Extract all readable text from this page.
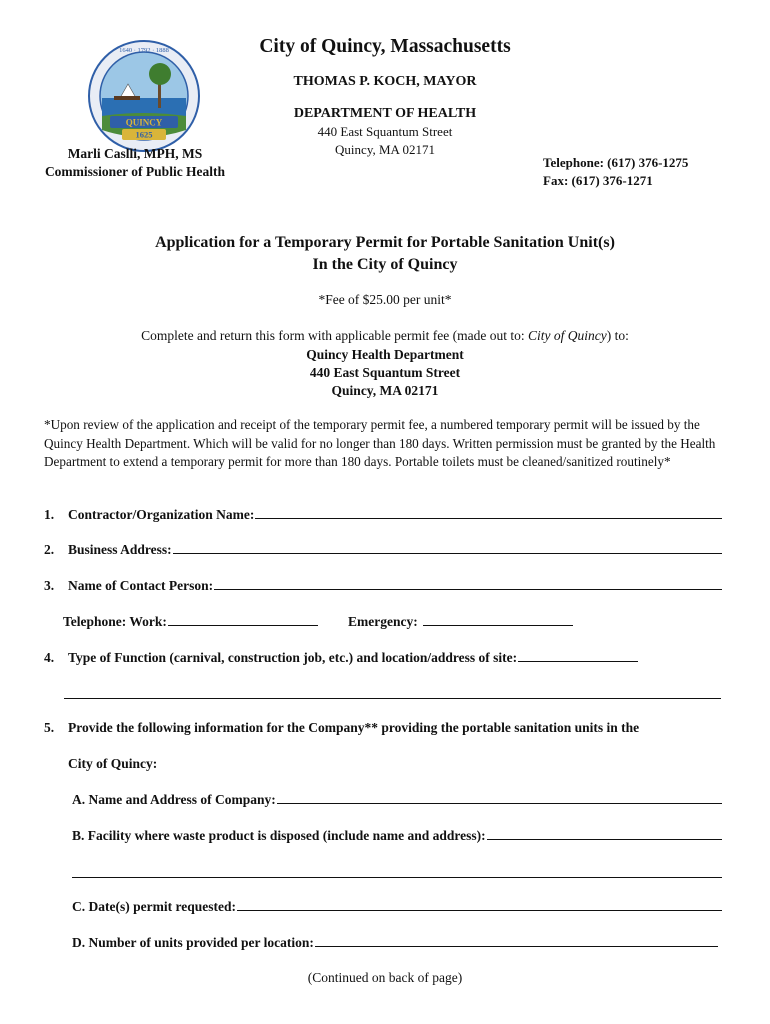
QUINCY
1625
1640 · 1792 · 1888	City of Quincy, Massachusetts
THOMAS P. KOCH, MAYOR
DEPARTMENT OF HEALTH
440 East Squantum Street
Quincy, MA 02171
Marli Caslli, MPH, MS
Commissioner of Public Health
Telephone: (617) 376-1275
Fax: (617) 376-1271
Application for a Temporary Permit for Portable Sanitation Unit(s)
In the City of Quincy
*Fee of $25.00 per unit*
Complete and return this form with applicable permit fee (made out to: City of Quincy) to:
Quincy Health Department
440 East Squantum Street
Quincy, MA 02171
*Upon review of the application and receipt of the temporary permit fee, a numbered temporary permit will be issued by the Quincy Health Department. Which will be valid for no longer than 180 days. Written permission must be granted by the Health Department to extend a temporary permit for more than 180 days. Portable toilets must be cleaned/sanitized routinely*
1.	Contractor/Organization Name:
2.	Business Address:
3.	Name of Contact Person:
Telephone: Work:	Emergency:
4.	Type of Function (carnival, construction job, etc.) and location/address of site:
5.	Provide the following information for the Company** providing the portable sanitation units in the
City of Quincy:
A. Name and Address of Company:
B. Facility where waste product is disposed (include name and address):
C. Date(s) permit requested:
D. Number of units provided per location:
(Continued on back of page)
